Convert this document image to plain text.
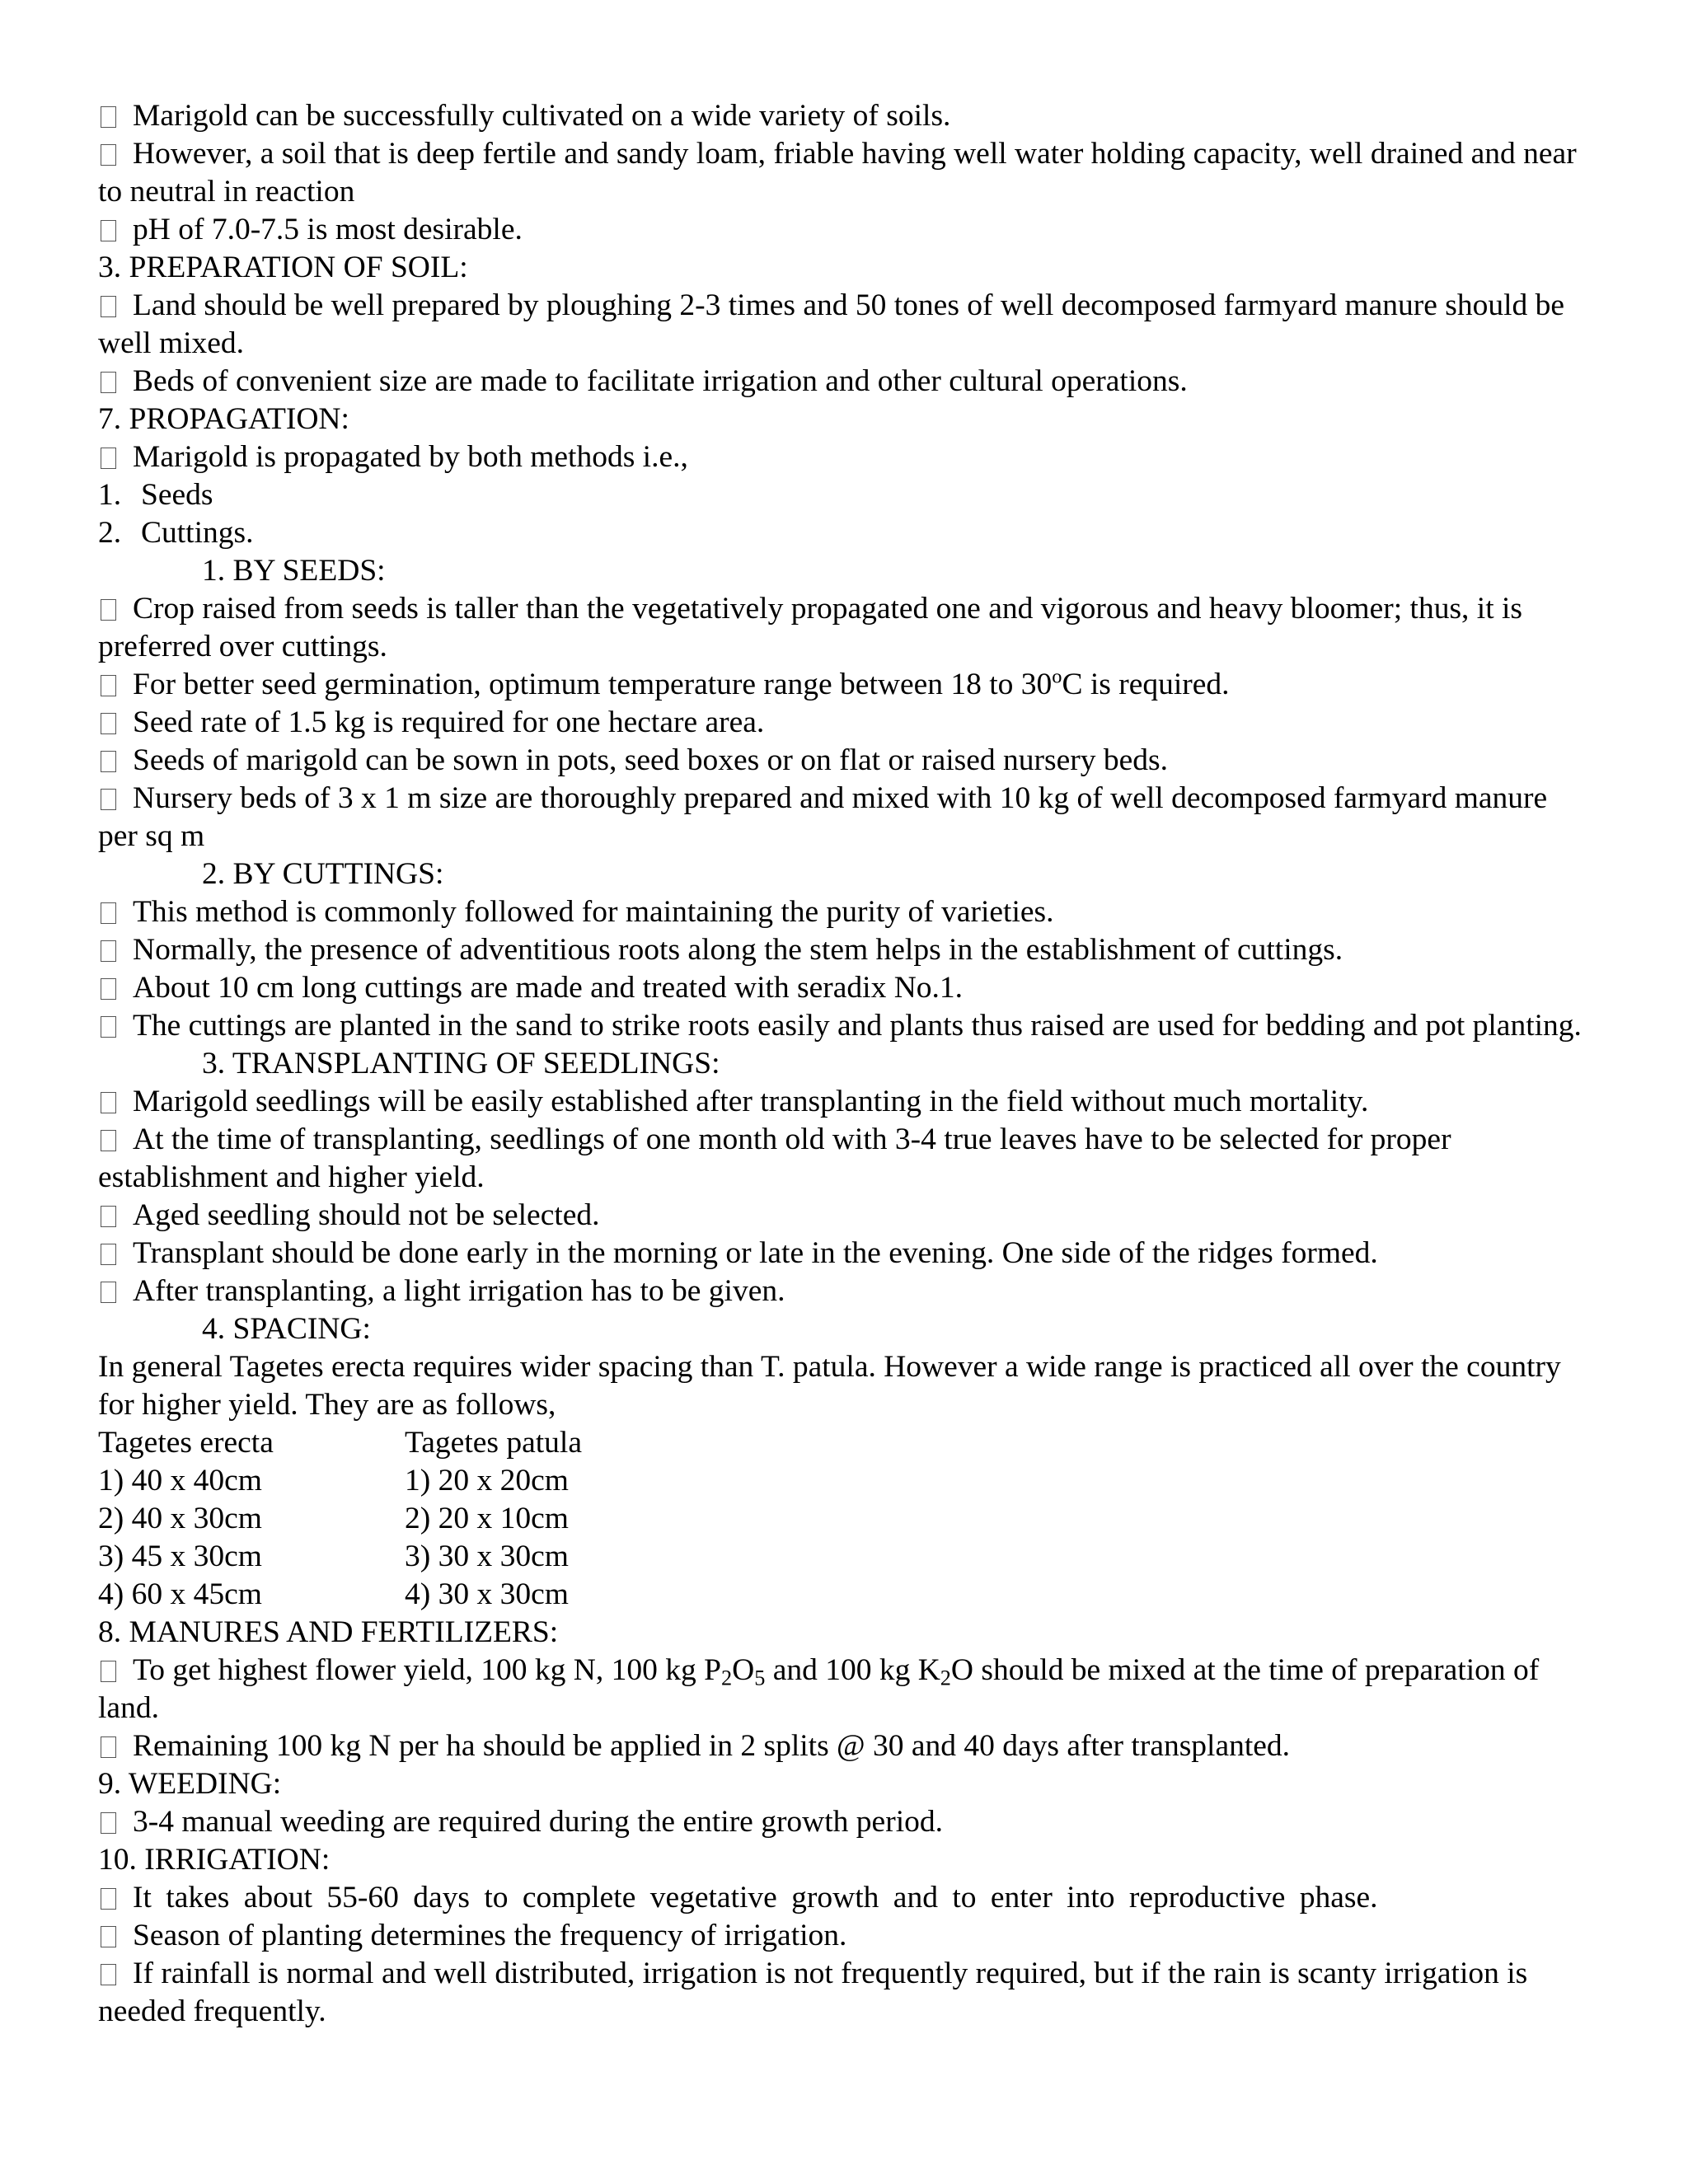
Marigold can be successfully cultivated on a wide variety of soils.

However, a soil that is deep fertile and sandy loam, friable having well water holding capacity, well drained and near to neutral in reaction

pH of 7.0-7.5 is most desirable.

3. PREPARATION OF SOIL:

Land should be well prepared by ploughing 2-3 times and 50 tones of well decomposed farmyard manure should be well mixed.

Beds of convenient size are made to facilitate irrigation and other cultural operations.

7. PROPAGATION:

Marigold is propagated by both methods i.e.,

1. Seeds

2. Cuttings.

1. BY SEEDS:

Crop raised from seeds is taller than the vegetatively propagated one and vigorous and heavy bloomer; thus, it is preferred over cuttings.

For better seed germination, optimum temperature range between 18 to 30$^o$C is required.

Seed rate of 1.5 kg is required for one hectare area.

Seeds of marigold can be sown in pots, seed boxes or on flat or raised nursery beds.

Nursery beds of 3 x 1 m size are thoroughly prepared and mixed with 10 kg of well decomposed farmyard manure per sq m

2. BY CUTTINGS:

This method is commonly followed for maintaining the purity of varieties.

Normally, the presence of adventitious roots along the stem helps in the establishment of cuttings.

About 10 cm long cuttings are made and treated with seradix No.1.

The cuttings are planted in the sand to strike roots easily and plants thus raised are used for bedding and pot planting.

3. TRANSPLANTING OF SEEDLINGS:

Marigold seedlings will be easily established after transplanting in the field without much mortality.

At the time of transplanting, seedlings of one month old with 3-4 true leaves have to be selected for proper establishment and higher yield.

Aged seedling should not be selected.

Transplant should be done early in the morning or late in the evening. One side of the ridges formed.

After transplanting, a light irrigation has to be given.

4. SPACING:

In general Tagetes erecta requires wider spacing than T. patula. However a wide range is practiced all over the country for higher yield. They are as follows,

Tagetes erecta	Tagetes patula
1) 40 x 40cm	1) 20 x 20cm
2) 40 x 30cm	2) 20 x 10cm
3) 45 x 30cm	3) 30 x 30cm
4) 60 x 45cm	4) 30 x 30cm

8. MANURES AND FERTILIZERS:

To get highest flower yield, 100 kg N, 100 kg $P_2O_5$ and 100 kg $K_2O$ should be mixed at the time of preparation of land.

Remaining 100 kg N per ha should be applied in 2 splits @ 30 and 40 days after transplanted.

9. WEEDING:

3-4 manual weeding are required during the entire growth period.

10. IRRIGATION:

It takes about 55-60 days to complete vegetative growth and to enter into reproductive phase.

Season of planting determines the frequency of irrigation.

If rainfall is normal and well distributed, irrigation is not frequently required, but if the rain is scanty irrigation is needed frequently.
